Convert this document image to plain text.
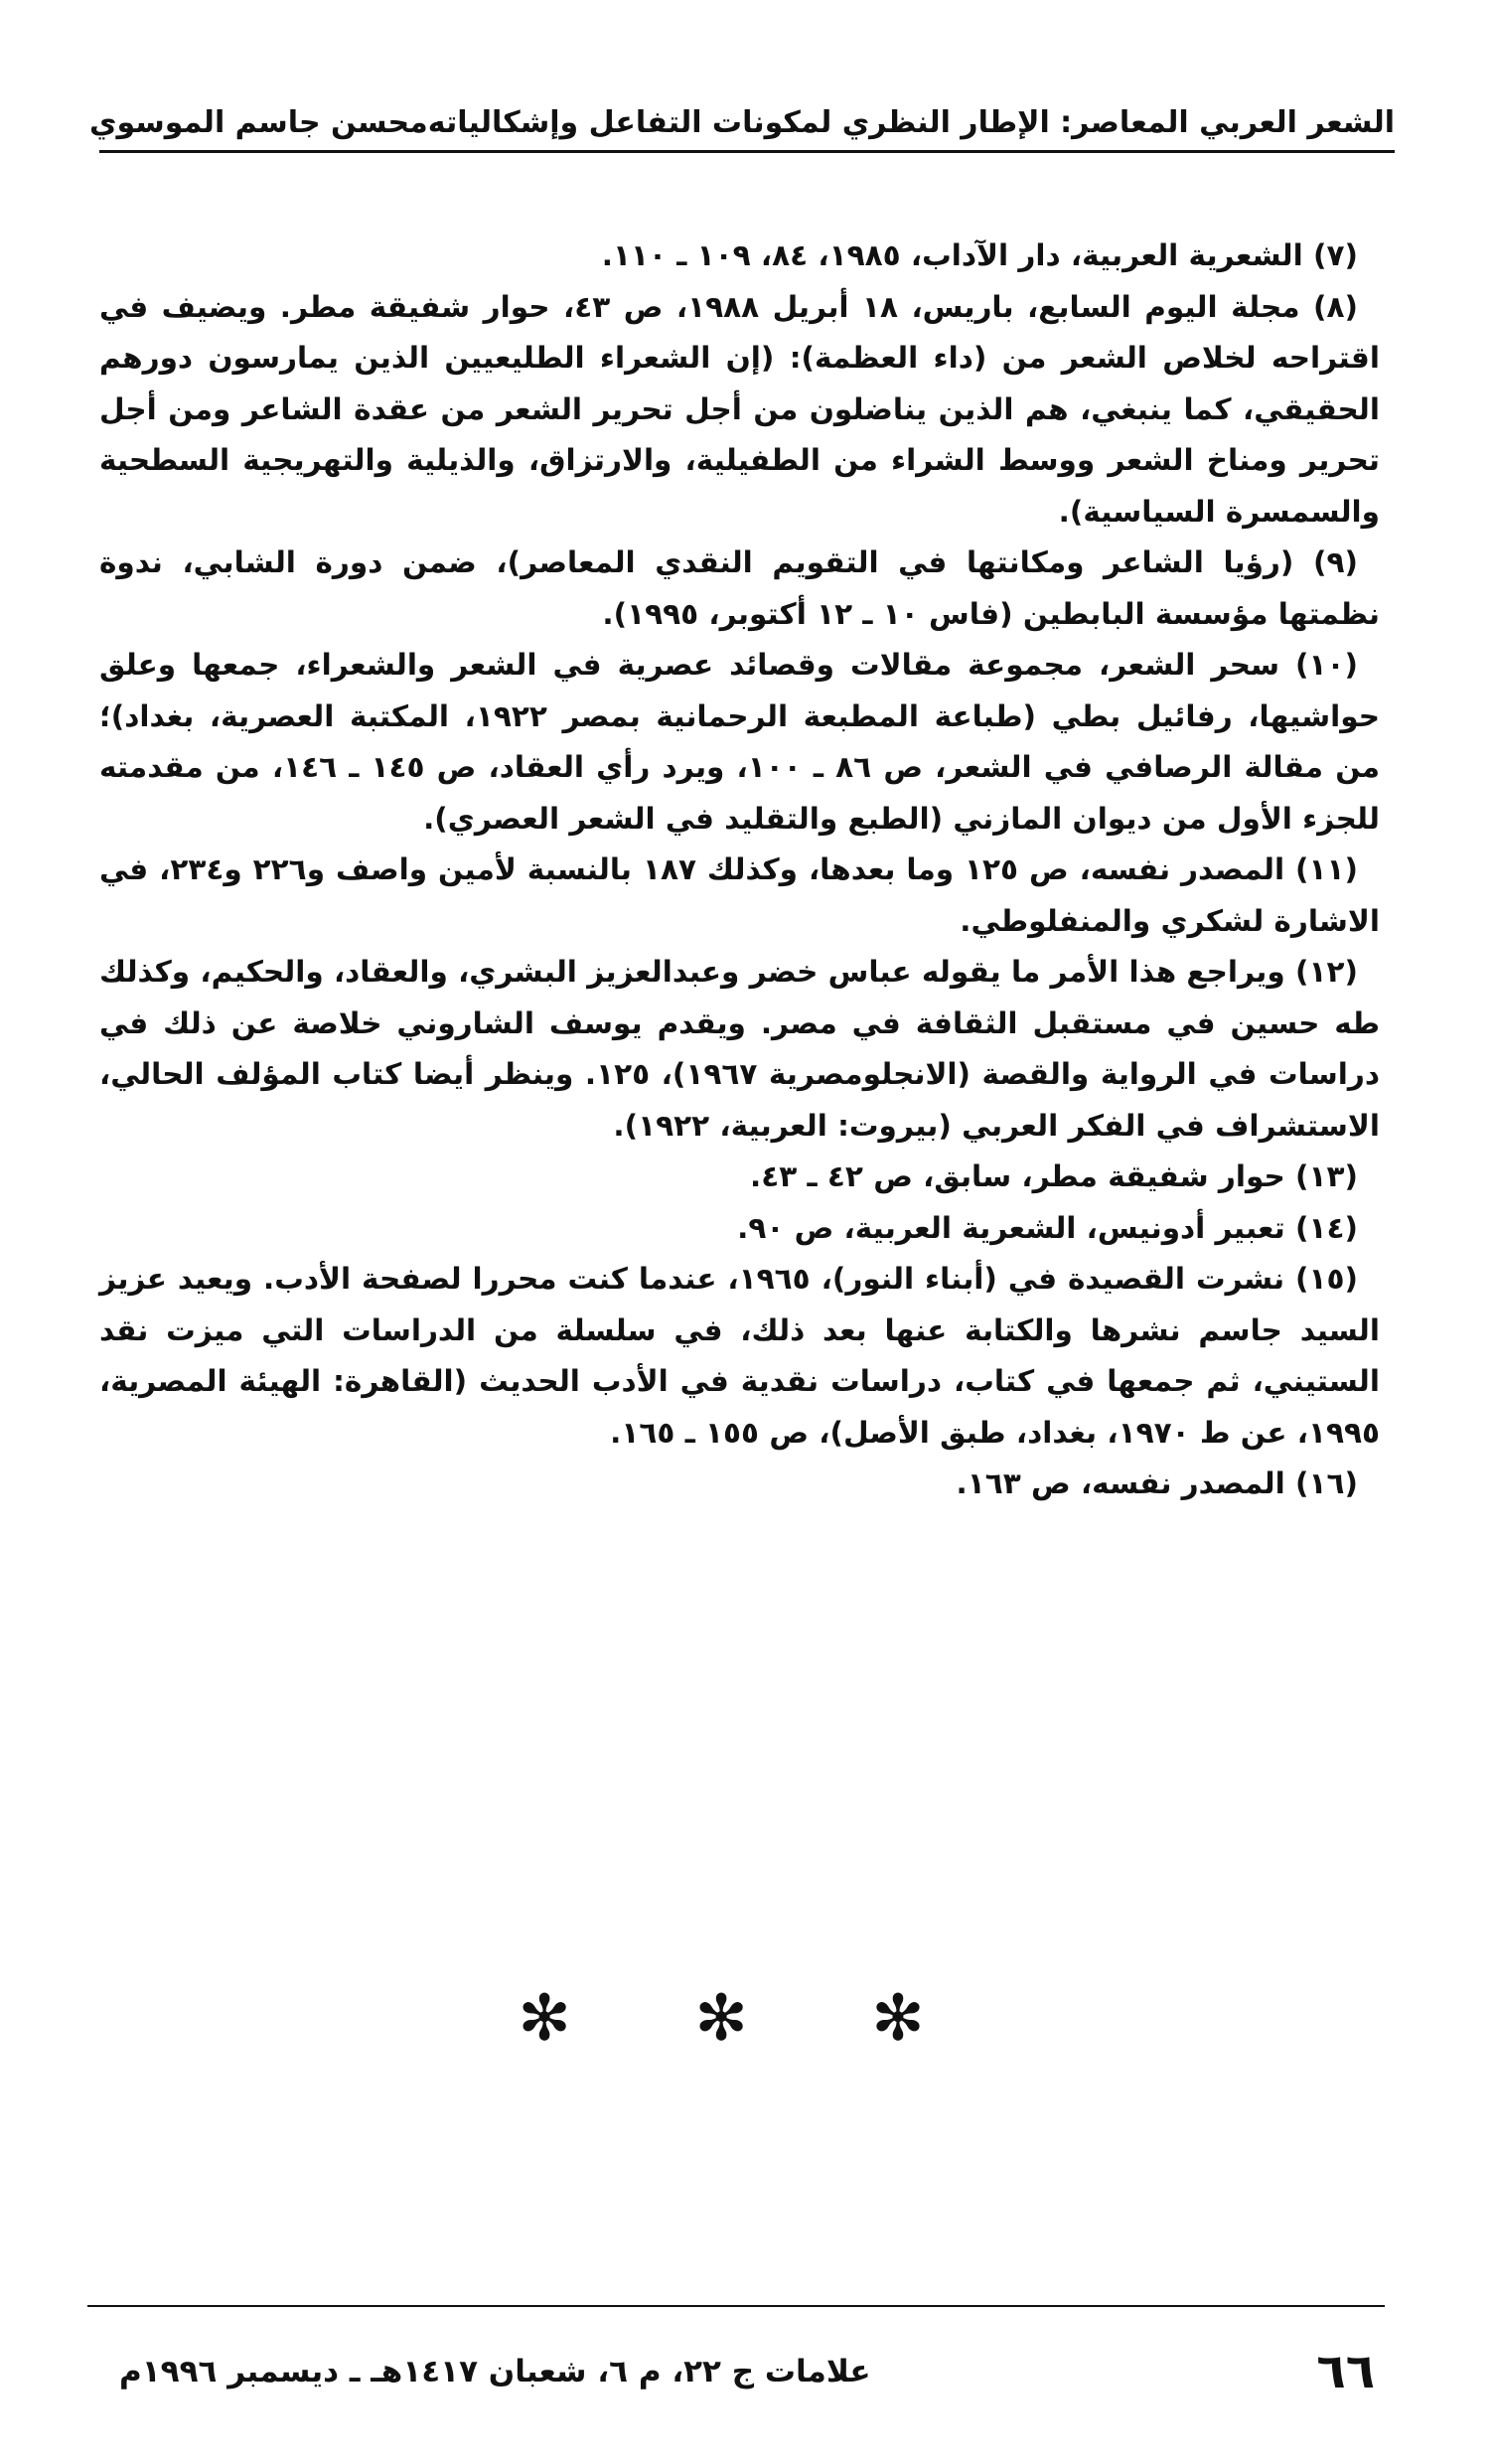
الشعر العربي المعاصر: الإطار النظري لمكونات التفاعل وإشكالياته
محسن جاسم الموسوي

(٧) الشعرية العربية، دار الآداب، ١٩٨٥، ٨٤، ١٠٩ ـ ١١٠.

(٨) مجلة اليوم السابع، باريس، ١٨ أبريل ١٩٨٨، ص ٤٣، حوار شفيقة مطر. ويضيف في اقتراحه لخلاص الشعر من (داء العظمة): (إن الشعراء الطليعيين الذين يمارسون دورهم الحقيقي، كما ينبغي، هم الذين يناضلون من أجل تحرير الشعر من عقدة الشاعر ومن أجل تحرير ومناخ الشعر ووسط الشراء من الطفيلية، والارتزاق، والذيلية والتهريجية السطحية والسمسرة السياسية).

(٩) (رؤيا الشاعر ومكانتها في التقويم النقدي المعاصر)، ضمن دورة الشابي، ندوة نظمتها مؤسسة البابطين (فاس ١٠ ـ ١٢ أكتوبر، ١٩٩٥).

(١٠) سحر الشعر، مجموعة مقالات وقصائد عصرية في الشعر والشعراء، جمعها وعلق حواشيها، رفائيل بطي (طباعة المطبعة الرحمانية بمصر ١٩٢٢، المكتبة العصرية، بغداد)؛ من مقالة الرصافي في الشعر، ص ٨٦ ـ ١٠٠، ويرد رأي العقاد، ص ١٤٥ ـ ١٤٦، من مقدمته للجزء الأول من ديوان المازني (الطبع والتقليد في الشعر العصري).

(١١) المصدر نفسه، ص ١٢٥ وما بعدها، وكذلك ١٨٧ بالنسبة لأمين واصف و٢٢٦ و٢٣٤، في الاشارة لشكري والمنفلوطي.

(١٢) ويراجع هذا الأمر ما يقوله عباس خضر وعبدالعزيز البشري، والعقاد، والحكيم، وكذلك طه حسين في مستقبل الثقافة في مصر. ويقدم يوسف الشاروني خلاصة عن ذلك في دراسات في الرواية والقصة (الانجلومصرية ١٩٦٧)، ١٢٥. وينظر أيضا كتاب المؤلف الحالي، الاستشراف في الفكر العربي (بيروت: العربية، ١٩٢٢).

(١٣) حوار شفيقة مطر، سابق، ص ٤٢ ـ ٤٣.

(١٤) تعبير أدونيس، الشعرية العربية، ص ٩٠.

(١٥) نشرت القصيدة في (أبناء النور)، ١٩٦٥، عندما كنت محررا لصفحة الأدب. ويعيد عزيز السيد جاسم نشرها والكتابة عنها بعد ذلك، في سلسلة من الدراسات التي ميزت نقد الستيني، ثم جمعها في كتاب، دراسات نقدية في الأدب الحديث (القاهرة: الهيئة المصرية، ١٩٩٥، عن ط ١٩٧٠، بغداد، طبق الأصل)، ص ١٥٥ ـ ١٦٥.

(١٦) المصدر نفسه، ص ١٦٣.

✻ ✻ ✻
٦٦
علامات ج ٢٢، م ٦، شعبان ١٤١٧هـ ـ ديسمبر ١٩٩٦م
